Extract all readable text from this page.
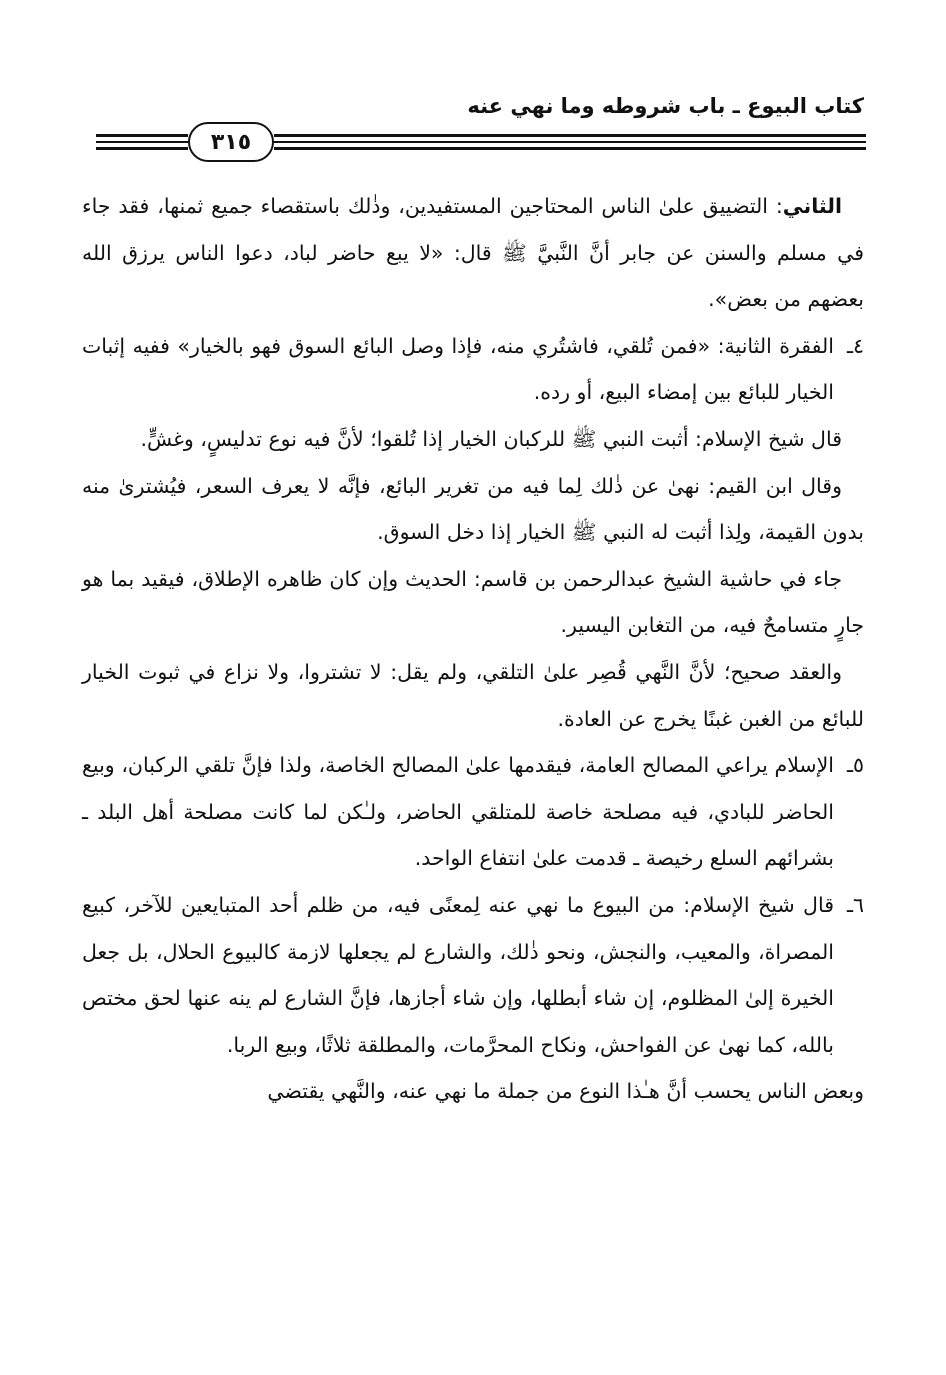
كتاب البيوع ـ باب شروطه وما نهي عنه
٣١٥

الثاني: التضييق علىٰ الناس المحتاجين المستفيدين، وذٰلك باستقصاء جميع ثمنها، فقد جاء في مسلم والسنن عن جابر أنَّ النَّبيَّ ﷺ قال: «لا يبع حاضر لباد، دعوا الناس يرزق الله بعضهم من بعض».

٤ـ
الفقرة الثانية: «فمن تُلقي، فاشتُري منه، فإذا وصل البائع السوق فهو بالخيار» ففيه إثبات الخيار للبائع بين إمضاء البيع، أو رده.

قال شيخ الإسلام: أثبت النبي ﷺ للركبان الخيار إذا تُلقوا؛ لأنَّ فيه نوع تدليسٍ، وغشٍّ.

وقال ابن القيم: نهىٰ عن ذٰلك لِما فيه من تغرير البائع، فإنَّه لا يعرف السعر، فيُشترىٰ منه بدون القيمة، ولِذا أثبت له النبي ﷺ الخيار إذا دخل السوق.

جاء في حاشية الشيخ عبدالرحمن بن قاسم: الحديث وإن كان ظاهره الإطلاق، فيقيد بما هو جارٍ متسامحٌ فيه، من التغابن اليسير.

والعقد صحيح؛ لأنَّ النَّهي قُصِر علىٰ التلقي، ولم يقل: لا تشتروا، ولا نزاع في ثبوت الخيار للبائع من الغبن غبنًا يخرج عن العادة.

٥ـ
الإسلام يراعي المصالح العامة، فيقدمها علىٰ المصالح الخاصة، ولذا فإنَّ تلقي الركبان، وبيع الحاضر للبادي، فيه مصلحة خاصة للمتلقي الحاضر، ولـٰكن لما كانت مصلحة أهل البلد ـ بشرائهم السلع رخيصة ـ قدمت علىٰ انتفاع الواحد.

٦ـ
قال شيخ الإسلام: من البيوع ما نهي عنه لِمعنًى فيه، من ظلم أحد المتبايعين للآخر، كبيع المصراة، والمعيب، والنجش، ونحو ذٰلك، والشارع لم يجعلها لازمة كالبيوع الحلال، بل جعل الخيرة إلىٰ المظلوم، إن شاء أبطلها، وإن شاء أجازها، فإنَّ الشارع لم ينه عنها لحق مختص بالله، كما نهىٰ عن الفواحش، ونكاح المحرَّمات، والمطلقة ثلاثًا، وبيع الربا.

وبعض الناس يحسب أنَّ هـٰذا النوع من جملة ما نهي عنه، والنَّهي يقتضي
